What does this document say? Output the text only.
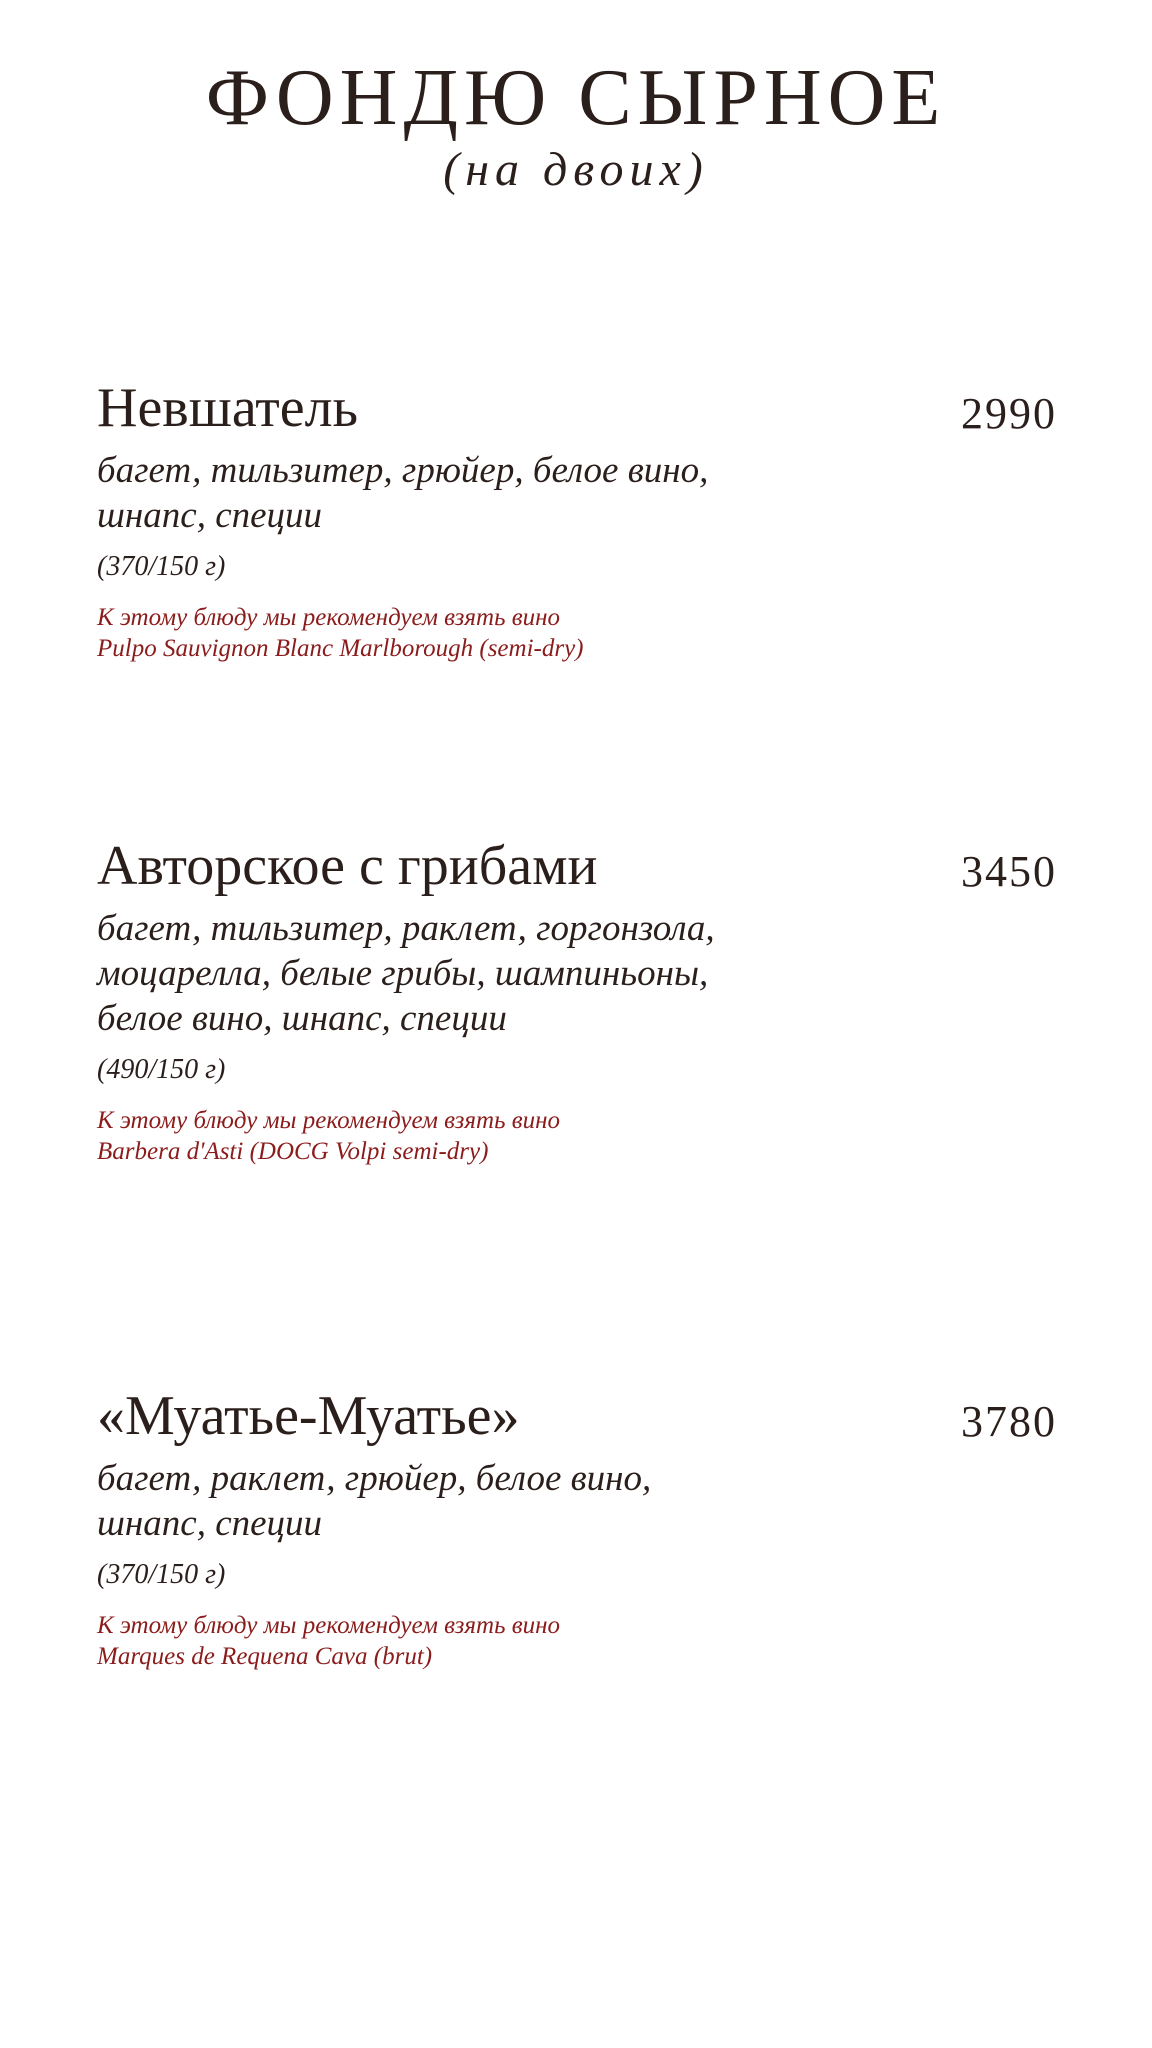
ФОНДЮ СЫРНОЕ
(на двоих)
Невшатель	2990
багет, тильзитер, грюйер, белое вино, шнапс, специи
(370/150 г)
К этому блюду мы рекомендуем взять вино
Pulpo Sauvignon Blanc Marlborough (semi-dry)
Авторское с грибами	3450
багет, тильзитер, раклет, горгонзола, моцарелла, белые грибы, шампиньоны, белое вино, шнапс, специи
(490/150 г)
К этому блюду мы рекомендуем взять вино
Barbera d'Asti (DOCG Volpi semi-dry)
«Муатье-Муатье»	3780
багет, раклет, грюйер, белое вино, шнапс, специи
(370/150 г)
К этому блюду мы рекомендуем взять вино
Marques de Requena Cava (brut)
